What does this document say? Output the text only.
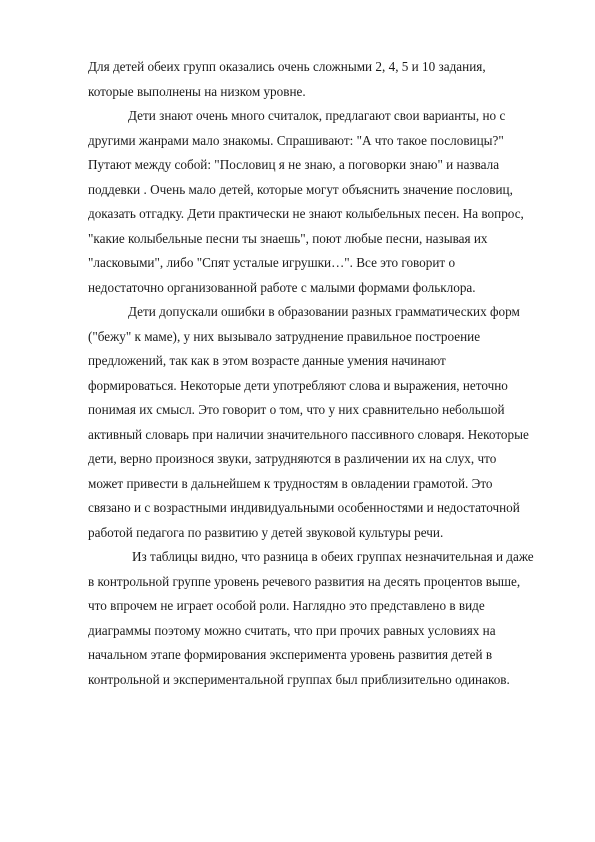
Для детей обеих групп оказались очень сложными 2, 4, 5 и 10 задания,
которые выполнены на низком уровне.
Дети знают очень много считалок, предлагают свои варианты, но с
другими жанрами мало знакомы. Спрашивают: "А что такое пословицы?"
Путают между собой: "Пословиц я не знаю, а поговорки знаю" и назвала
поддевки . Очень мало детей, которые могут объяснить значение пословиц,
доказать отгадку. Дети практически не знают колыбельных песен. На вопрос,
"какие колыбельные песни ты знаешь", поют любые песни, называя их
"ласковыми", либо "Спят усталые игрушки…". Все это говорит о
недостаточно организованной работе с малыми формами фольклора.
Дети допускали ошибки в образовании разных грамматических форм
("бежу" к маме), у них вызывало затруднение правильное построение
предложений, так как в этом возрасте данные умения начинают
формироваться. Некоторые дети употребляют слова и выражения, неточно
понимая их смысл. Это говорит о том, что у них сравнительно небольшой
активный словарь при наличии значительного пассивного словаря. Некоторые
дети, верно произнося звуки, затрудняются в различении их на слух, что
может привести в дальнейшем к трудностям в овладении грамотой. Это
связано и с возрастными индивидуальными особенностями и недостаточной
работой педагога по развитию у детей звуковой культуры речи.
Из таблицы видно, что разница в обеих группах незначительная и даже
в контрольной группе уровень речевого развития на десять процентов выше,
что впрочем не играет особой роли. Наглядно это представлено в виде
диаграммы поэтому можно считать, что при прочих равных условиях на
начальном этапе формирования эксперимента уровень развития детей в
контрольной и экспериментальной группах был приблизительно одинаков.
